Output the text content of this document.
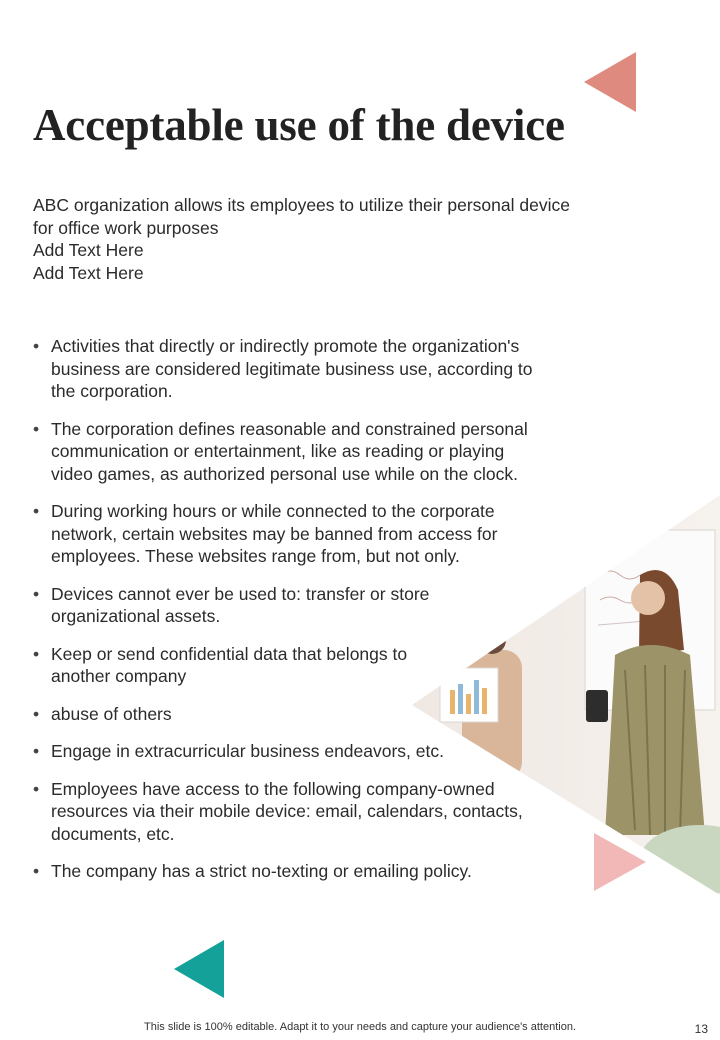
Acceptable use of the device
ABC organization allows its employees to utilize their personal device
for office work purposes
Add Text Here
Add Text Here
• Activities that directly or indirectly promote the organization's
business are considered legitimate business use, according to
the corporation.
• The corporation defines reasonable and constrained personal
communication or entertainment, like as reading or playing
video games, as authorized personal use while on the clock.
• During working hours or while connected to the corporate
network, certain websites may be banned from access for
employees. These websites range from, but not only.
• Devices cannot ever be used to: transfer or store
organizational assets.
• Keep or send confidential data that belongs to
another company
• abuse of others
• Engage in extracurricular business endeavors, etc.
• Employees have access to the following company-owned
resources via their mobile device: email, calendars, contacts,
documents, etc.
• The company has a strict no-texting or emailing policy.
This slide is 100% editable. Adapt it to your needs and capture your audience's attention.	13
